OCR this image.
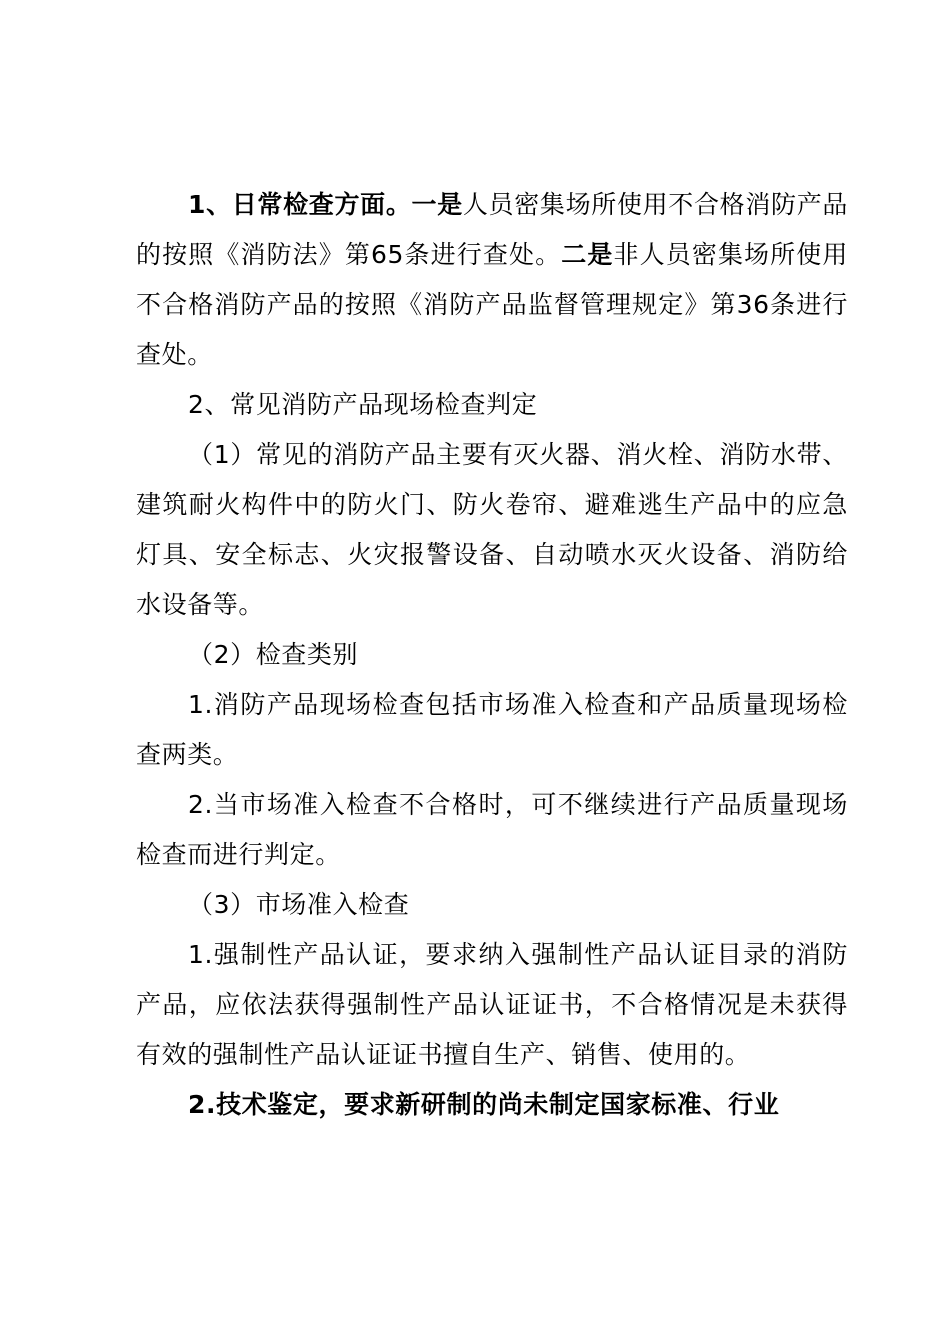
1、日常检查方面。一是人员密集场所使用不合格消防产品的按照《消防法》第65条进行查处。二是非人员密集场所使用不合格消防产品的按照《消防产品监督管理规定》第36条进行查处。

2、常见消防产品现场检查判定

（1）常见的消防产品主要有灭火器、消火栓、消防水带、建筑耐火构件中的防火门、防火卷帘、避难逃生产品中的应急灯具、安全标志、火灾报警设备、自动喷水灭火设备、消防给水设备等。

（2）检查类别

1.消防产品现场检查包括市场准入检查和产品质量现场检查两类。

2.当市场准入检查不合格时，可不继续进行产品质量现场检查而进行判定。

（3）市场准入检查

1.强制性产品认证，要求纳入强制性产品认证目录的消防产品，应依法获得强制性产品认证证书，不合格情况是未获得有效的强制性产品认证证书擅自生产、销售、使用的。

2.技术鉴定，要求新研制的尚未制定国家标准、行业
